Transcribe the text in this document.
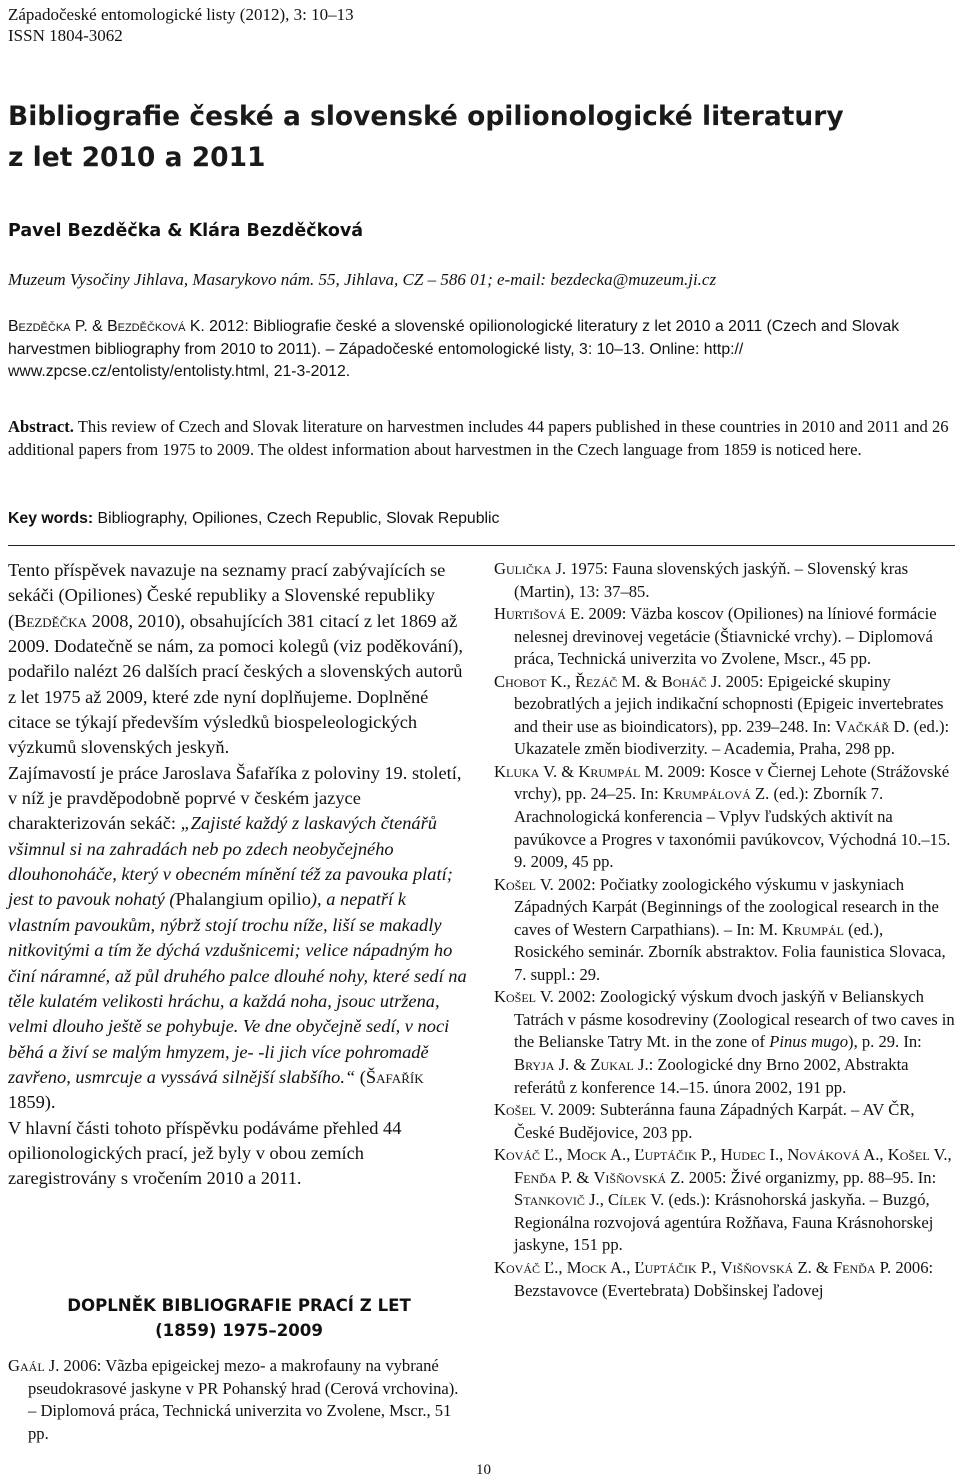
Západočeské entomologické listy (2012), 3: 10–13
ISSN 1804-3062
Bibliografie české a slovenské opilionologické literatury
z let 2010 a 2011
Pavel Bezděčka & Klára Bezděčková
Muzeum Vysočiny Jihlava, Masarykovo nám. 55, Jihlava, CZ – 586 01; e-mail: bezdecka@muzeum.ji.cz
Bezděčka P. & Bezděčková K. 2012: Bibliografie české a slovenské opilionologické literatury z let 2010 a 2011 (Czech and Slovak harvestmen bibliography from 2010 to 2011). – Západočeské entomologické listy, 3: 10–13. Online: http:// www.zpcse.cz/entolisty/entolisty.html, 21-3-2012.
Abstract. This review of Czech and Slovak literature on harvestmen includes 44 papers published in these countries in 2010 and 2011 and 26 additional papers from 1975 to 2009. The oldest information about harvestmen in the Czech language from 1859 is noticed here.
Key words: Bibliography, Opiliones, Czech Republic, Slovak Republic

Tento příspěvek navazuje na seznamy prací zabývajících se sekáči (Opiliones) České republiky a Slovenské republiky (Bezděčka 2008, 2010), obsahujících 381 citací z let 1869 až 2009. Dodatečně se nám, za pomoci kolegů (viz poděkování), podařilo nalézt 26 dalších prací českých a slovenských autorů z let 1975 až 2009, které zde nyní doplňujeme. Doplněné citace se týkají především výsledků biospeleologických výzkumů slovenských jeskyň.

Zajímavostí je práce Jaroslava Šafaříka z poloviny 19. století, v níž je pravděpodobně poprvé v českém jazyce charakterizován sekáč: „Zajisté každý z laskavých čtenářů všimnul si na zahradách neb po zdech neobyčejného dlouhonoháče, který v obecném mínění též za pavouka platí; jest to pavouk nohatý (Phalangium opilio), a nepatří k vlastním pavoukům, nýbrž stojí trochu níže, liší se makadly nitkovitými a tím že dýchá vzdušnicemi; velice nápadným ho činí náramné, až půl druhého palce dlouhé nohy, které sedí na těle kulatém velikosti hráchu, a každá noha, jsouc utržena, velmi dlouho ještě se pohybuje. Ve dne obyčejně sedí, v noci běhá a živí se malým hmyzem, je- -li jich více pohromadě zavřeno, usmrcuje a vyssává silnější slabšího.“ (Šafařík 1859).

V hlavní části tohoto příspěvku podáváme přehled 44 opilionologických prací, jež byly v obou zemích zaregistrovány s vročením 2010 a 2011.

DOPLNĚK BIBLIOGRAFIE PRACÍ Z LET
(1859) 1975–2009

Gaál J. 2006: Vãzba epigeickej mezo- a makrofauny na vybrané pseudokrasové jaskyne v PR Pohanský hrad (Cerová vrchovina). – Diplomová práca, Technická univerzita vo Zvolene, Mscr., 51 pp.

Gulička J. 1975: Fauna slovenských jaskýň. – Slovenský kras (Martin), 13: 37–85.

Hurtišová E. 2009: Väzba koscov (Opiliones) na líniové formácie nelesnej drevinovej vegetácie (Štiavnické vrchy). – Diplomová práca, Technická univerzita vo Zvolene, Mscr., 45 pp.

Chobot K., Řezáč M. & Boháč J. 2005: Epigeické skupiny bezobratlých a jejich indikační schopnosti (Epigeic invertebrates and their use as bioindicators), pp. 239–248. In: Vačkář D. (ed.): Ukazatele změn biodiverzity. – Academia, Praha, 298 pp.

Kluka V. & Krumpál M. 2009: Kosce v Čiernej Lehote (Strážovské vrchy), pp. 24–25. In: Krumpálová Z. (ed.): Zborník 7. Arachnologická konferencia – Vplyv ľudských aktivít na pavúkovce a Progres v taxonómii pavúkovcov, Východná 10.–15. 9. 2009, 45 pp.

Košel V. 2002: Počiatky zoologického výskumu v jaskyniach Západných Karpát (Beginnings of the zoological research in the caves of Western Carpathians). – In: M. Krumpál (ed.), Rosického seminár. Zborník abstraktov. Folia faunistica Slovaca, 7. suppl.: 29.

Košel V. 2002: Zoologický výskum dvoch jaskýň v Belianskych Tatrách v pásme kosodreviny (Zoological research of two caves in the Belianske Tatry Mt. in the zone of Pinus mugo), p. 29. In: Bryja J. & Zukal J.: Zoologické dny Brno 2002, Abstrakta referátů z konference 14.–15. února 2002, 191 pp.

Košel V. 2009: Subteránna fauna Západných Karpát. – AV ČR, České Budějovice, 203 pp.

Kováč Ľ., Mock A., Ľuptáčik P., Hudec I., Nováková A., Košel V., Fenďa P. & Višňovská Z. 2005: Živé organizmy, pp. 88–95. In: Stankovič J., Cílek V. (eds.): Krásnohorská jaskyňa. – Buzgó, Regionálna rozvojová agentúra Rožňava, Fauna Krásnohorskej jaskyne, 151 pp.

Kováč Ľ., Mock A., Ľuptáčik P., Višňovská Z. & Fenďa P. 2006: Bezstavovce (Evertebrata) Dobšinskej ľadovej

10
